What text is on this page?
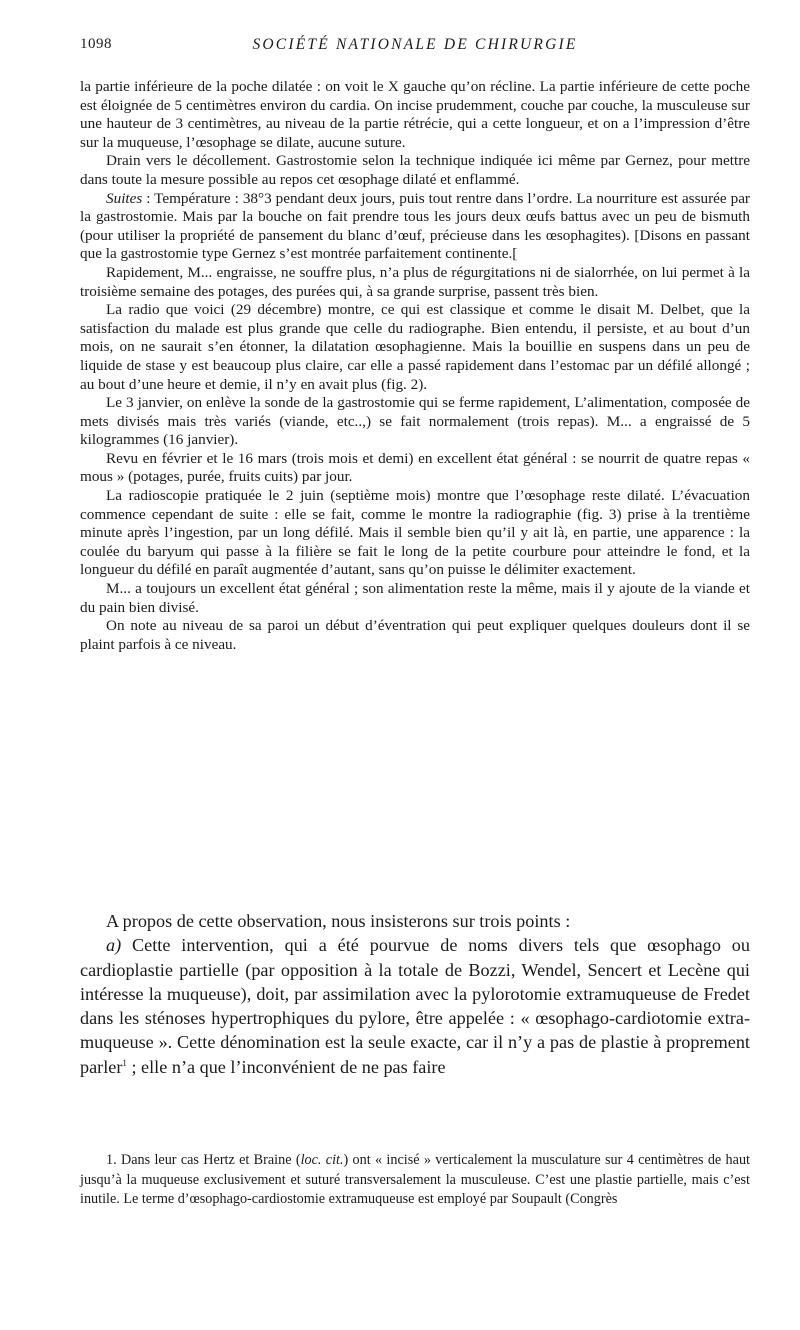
1098	SOCIÉTÉ NATIONALE DE CHIRURGIE

la partie inférieure de la poche dilatée : on voit le X gauche qu’on récline. La partie inférieure de cette poche est éloignée de 5 centimètres environ du cardia. On incise prudemment, couche par couche, la musculeuse sur une hauteur de 3 centimètres, au niveau de la partie rétrécie, qui a cette longueur, et on a l’impression d’être sur la muqueuse, l’œsophage se dilate, aucune suture.

Drain vers le décollement. Gastrostomie selon la technique indiquée ici même par Gernez, pour mettre dans toute la mesure possible au repos cet œsophage dilaté et enflammé.

Suites : Température : 38°3 pendant deux jours, puis tout rentre dans l’ordre. La nourriture est assurée par la gastrostomie. Mais par la bouche on fait prendre tous les jours deux œufs battus avec un peu de bismuth (pour utiliser la propriété de pansement du blanc d’œuf, précieuse dans les œsophagites). [Disons en passant que la gastrostomie type Gernez s’est montrée parfaitement continente.[

Rapidement, M... engraisse, ne souffre plus, n’a plus de régurgitations ni de sialorrhée, on lui permet à la troisième semaine des potages, des purées qui, à sa grande surprise, passent très bien.

La radio que voici (29 décembre) montre, ce qui est classique et comme le disait M. Delbet, que la satisfaction du malade est plus grande que celle du radiographe. Bien entendu, il persiste, et au bout d’un mois, on ne saurait s’en étonner, la dilatation œsophagienne. Mais la bouillie en suspens dans un peu de liquide de stase y est beaucoup plus claire, car elle a passé rapidement dans l’estomac par un défilé allongé ; au bout d’une heure et demie, il n’y en avait plus (fig. 2).

Le 3 janvier, on enlève la sonde de la gastrostomie qui se ferme rapidement, L’alimentation, composée de mets divisés mais très variés (viande, etc..,) se fait normalement (trois repas). M... a engraissé de 5 kilogrammes (16 janvier).

Revu en février et le 16 mars (trois mois et demi) en excellent état général : se nourrit de quatre repas « mous » (potages, purée, fruits cuits) par jour.

La radioscopie pratiquée le 2 juin (septième mois) montre que l’œsophage reste dilaté. L’évacuation commence cependant de suite : elle se fait, comme le montre la radiographie (fig. 3) prise à la trentième minute après l’ingestion, par un long défilé. Mais il semble bien qu’il y ait là, en partie, une apparence : la coulée du baryum qui passe à la filière se fait le long de la petite courbure pour atteindre le fond, et la longueur du défilé en paraît augmentée d’autant, sans qu’on puisse le délimiter exactement.

M... a toujours un excellent état général ; son alimentation reste la même, mais il y ajoute de la viande et du pain bien divisé.

On note au niveau de sa paroi un début d’éventration qui peut expliquer quelques douleurs dont il se plaint parfois à ce niveau.

A propos de cette observation, nous insisterons sur trois points :

a) Cette intervention, qui a été pourvue de noms divers tels que œsophago ou cardioplastie partielle (par opposition à la totale de Bozzi, Wendel, Sencert et Lecène qui intéresse la muqueuse), doit, par assimilation avec la pylorotomie extramuqueuse de Fredet dans les sténoses hypertrophiques du pylore, être appelée : « œsophago-cardiotomie extra-muqueuse ». Cette dénomination est la seule exacte, car il n’y a pas de plastie à proprement parler$^1$ ; elle n’a que l’inconvénient de ne pas faire

1. Dans leur cas Hertz et Braine (loc. cit.) ont « incisé » verticalement la musculature sur 4 centimètres de haut jusqu’à la muqueuse exclusivement et suturé transversalement la musculeuse. C’est une plastie partielle, mais c’est inutile. Le terme d’œsophago-cardiostomie extramuqueuse est employé par Soupault (Congrès
